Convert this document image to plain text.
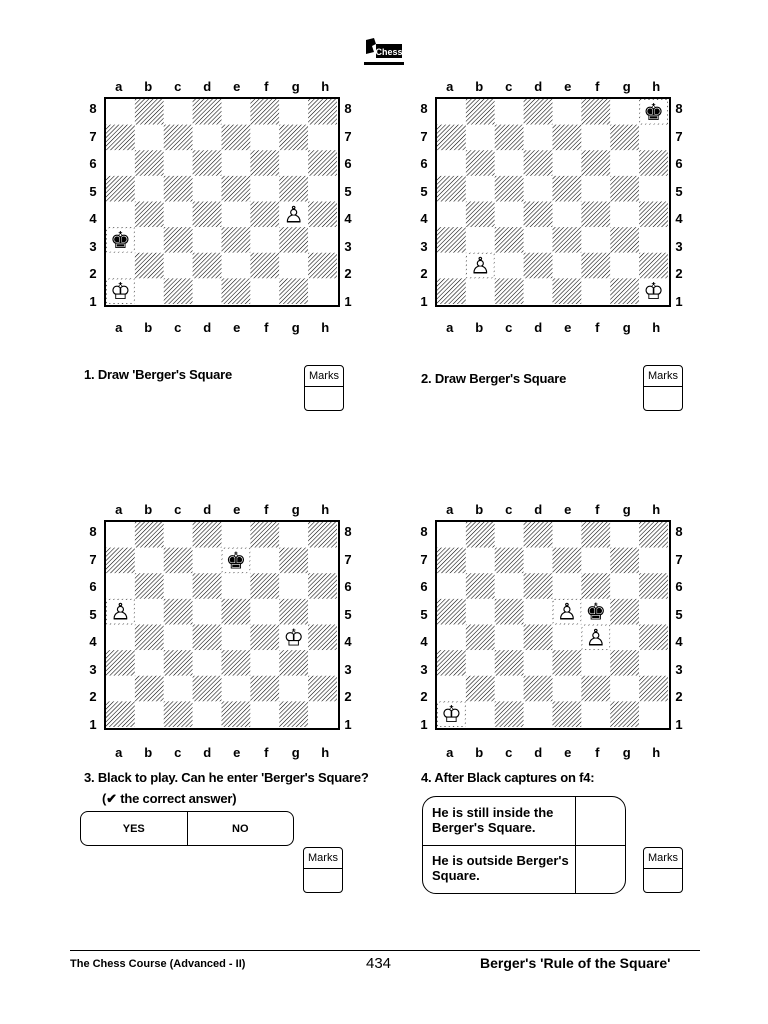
Chess
a	b	c	d	e	f	g	h
8
7
6
5
4
3
2
1
♙
♚
♔
8
7
6
5
4
3
2
1
a	b	c	d	e	f	g	h
a	b	c	d	e	f	g	h
8
7
6
5
4
3
2
1
♚
♙
♔
8
7
6
5
4
3
2
1
a	b	c	d	e	f	g	h
a	b	c	d	e	f	g	h
8
7
6
5
4
3
2
1
♚
♙
♔
8
7
6
5
4
3
2
1
a	b	c	d	e	f	g	h
a	b	c	d	e	f	g	h
8
7
6
5
4
3
2
1
♙ ♚
♙
♔
8
7
6
5
4
3
2
1
a	b	c	d	e	f	g	h
1. Draw 'Berger's Square	Marks	2. Draw Berger's Square	Marks
3. Black to play. Can he enter 'Berger's Square?
(✔ the correct answer)
YES	NO
Marks
4. After Black captures on f4:
He is still inside the Berger's Square.
He is outside Berger's Square.
Marks
The Chess Course (Advanced - II)	434	Berger's 'Rule of the Square'
